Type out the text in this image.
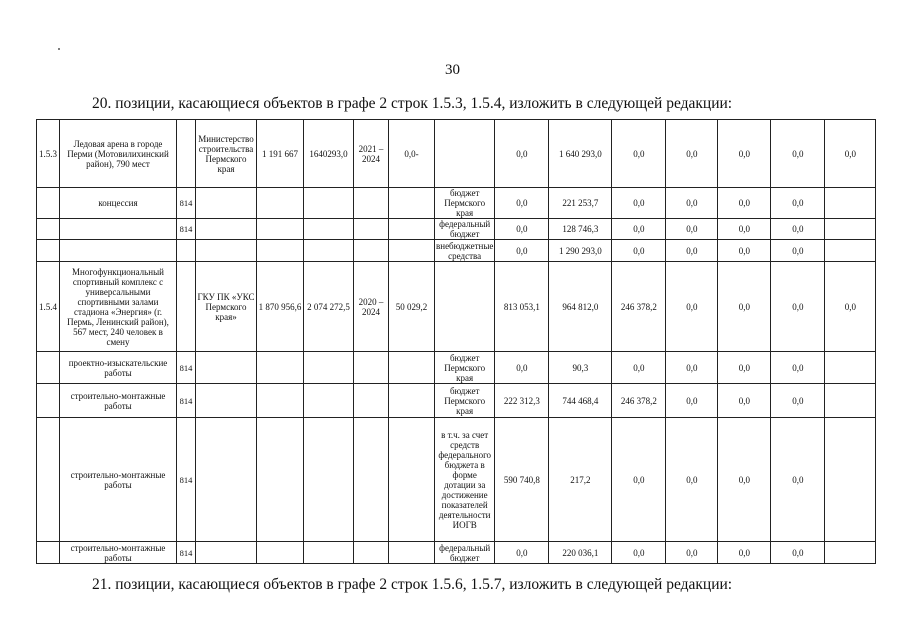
30
20. позиции, касающиеся объектов в графе 2 строк 1.5.3, 1.5.4, изложить в следующей редакции:
1.5.3	Ледовая арена в городе Перми (Мотовилихинский район), 790 мест		Министерство строительства Пермского края	1 191 667	1640293,0	2021 – 2024	0,0-		0,0	1 640 293,0	0,0	0,0	0,0	0,0	0,0
	концессия	814						бюджет Пермского края	0,0	221 253,7	0,0	0,0	0,0	0,0	
		814						федеральный бюджет	0,0	128 746,3	0,0	0,0	0,0	0,0	
								внебюджетные средства	0,0	1 290 293,0	0,0	0,0	0,0	0,0	
1.5.4	Многофункциональный спортивный комплекс с универсальными спортивными залами стадиона «Энергия» (г. Пермь, Ленинский район), 567 мест, 240 человек в смену		ГКУ ПК «УКС Пермского края»	1 870 956,6	2 074 272,5	2020 – 2024	50 029,2		813 053,1	964 812,0	246 378,2	0,0	0,0	0,0	0,0
	проектно-изыскательские работы	814						бюджет Пермского края	0,0	90,3	0,0	0,0	0,0	0,0	
	строительно-монтажные работы	814						бюджет Пермского края	222 312,3	744 468,4	246 378,2	0,0	0,0	0,0	
	строительно-монтажные работы	814						в т.ч. за счет средств федерального бюджета в форме дотации за достижение показателей деятельности ИОГВ	590 740,8	217,2	0,0	0,0	0,0	0,0	
	строительно-монтажные работы	814						федеральный бюджет	0,0	220 036,1	0,0	0,0	0,0	0,0	
21. позиции, касающиеся объектов в графе 2 строк 1.5.6, 1.5.7, изложить в следующей редакции:
